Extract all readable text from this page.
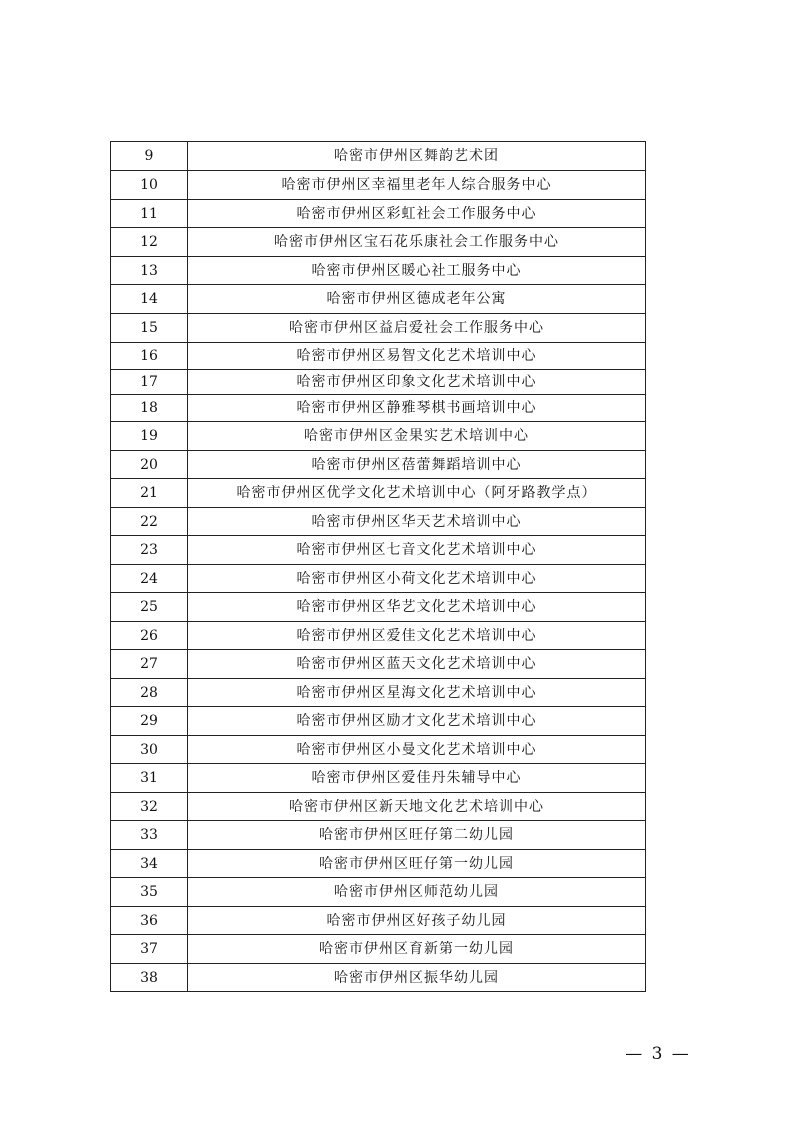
9	哈密市伊州区舞韵艺术团
10	哈密市伊州区幸福里老年人综合服务中心
11	哈密市伊州区彩虹社会工作服务中心
12	哈密市伊州区宝石花乐康社会工作服务中心
13	哈密市伊州区暖心社工服务中心
14	哈密市伊州区德成老年公寓
15	哈密市伊州区益启爱社会工作服务中心
16	哈密市伊州区易智文化艺术培训中心
17	哈密市伊州区印象文化艺术培训中心
18	哈密市伊州区静雅琴棋书画培训中心
19	哈密市伊州区金果实艺术培训中心
20	哈密市伊州区蓓蕾舞蹈培训中心
21	哈密市伊州区优学文化艺术培训中心（阿牙路教学点）
22	哈密市伊州区华天艺术培训中心
23	哈密市伊州区七音文化艺术培训中心
24	哈密市伊州区小荷文化艺术培训中心
25	哈密市伊州区华艺文化艺术培训中心
26	哈密市伊州区爱佳文化艺术培训中心
27	哈密市伊州区蓝天文化艺术培训中心
28	哈密市伊州区星海文化艺术培训中心
29	哈密市伊州区励才文化艺术培训中心
30	哈密市伊州区小曼文化艺术培训中心
31	哈密市伊州区爱佳丹朱辅导中心
32	哈密市伊州区新天地文化艺术培训中心
33	哈密市伊州区旺仔第二幼儿园
34	哈密市伊州区旺仔第一幼儿园
35	哈密市伊州区师范幼儿园
36	哈密市伊州区好孩子幼儿园
37	哈密市伊州区育新第一幼儿园
38	哈密市伊州区振华幼儿园
— 3 —
